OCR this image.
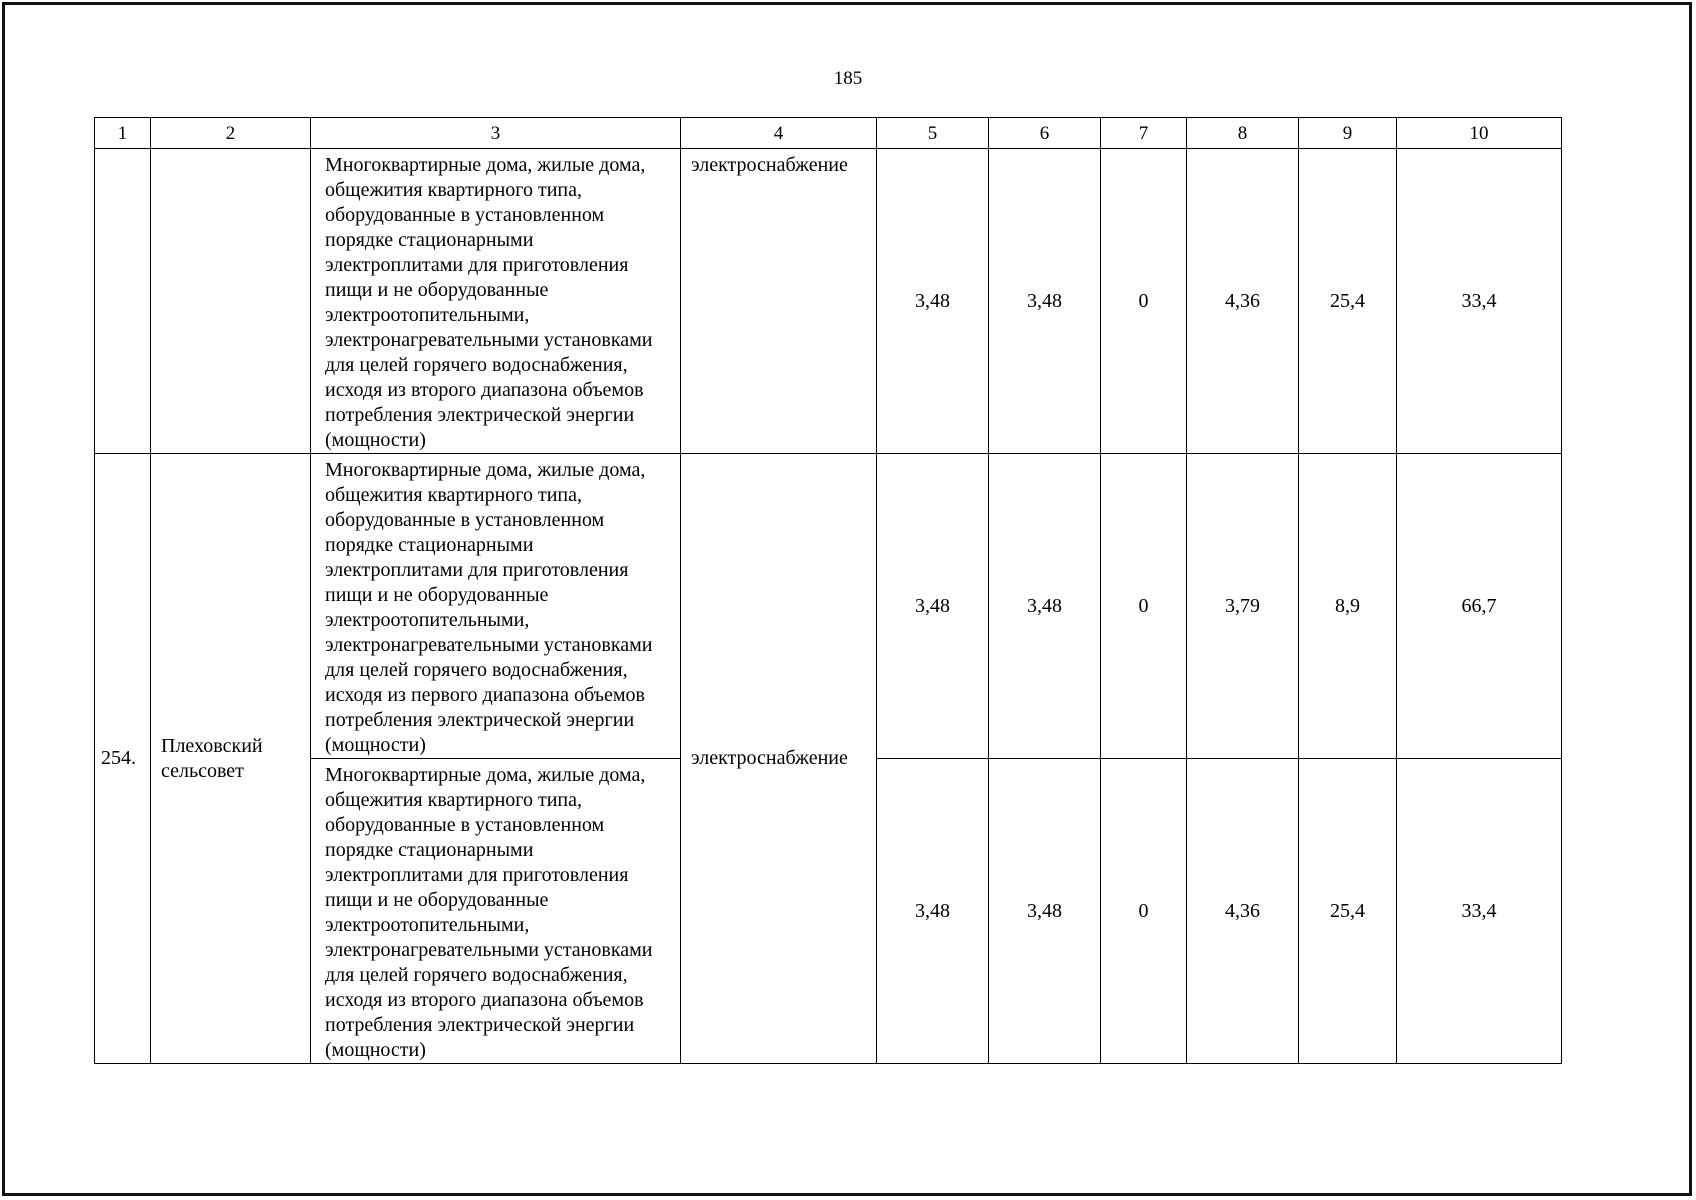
185
1	2	3	4	5	6	7	8	9	10
		Многоквартирные дома, жилые дома, общежития квартирного типа, оборудованные в установленном порядке стационарными электроплитами для приготовления пищи и не оборудованные электроотопительными, электронагревательными установками для целей горячего водоснабжения, исходя из второго диапазона объемов потребления электрической энергии (мощности)	электроснабжение	3,48	3,48	0	4,36	25,4	33,4
254.	Плеховский сельсовет	Многоквартирные дома, жилые дома, общежития квартирного типа, оборудованные в установленном порядке стационарными электроплитами для приготовления пищи и не оборудованные электроотопительными, электронагревательными установками для целей горячего водоснабжения, исходя из первого диапазона объемов потребления электрической энергии (мощности)	электроснабжение	3,48	3,48	0	3,79	8,9	66,7
		Многоквартирные дома, жилые дома, общежития квартирного типа, оборудованные в установленном порядке стационарными электроплитами для приготовления пищи и не оборудованные электроотопительными, электронагревательными установками для целей горячего водоснабжения, исходя из второго диапазона объемов потребления электрической энергии (мощности)		3,48	3,48	0	4,36	25,4	33,4
